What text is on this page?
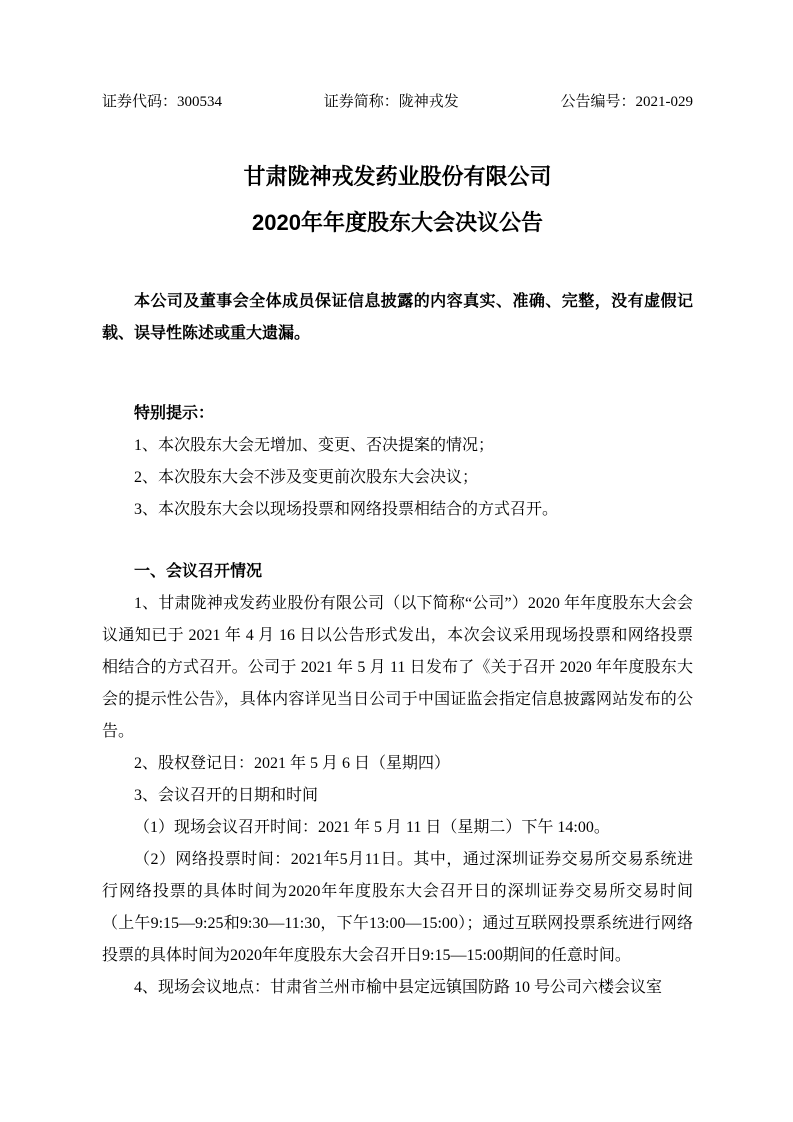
证券代码：300534	证券简称：陇神戎发	公告编号：2021-029
甘肃陇神戎发药业股份有限公司
2020年年度股东大会决议公告

本公司及董事会全体成员保证信息披露的内容真实、准确、完整，没有虚假记载、误导性陈述或重大遗漏。

特别提示：

1、本次股东大会无增加、变更、否决提案的情况；

2、本次股东大会不涉及变更前次股东大会决议；

3、本次股东大会以现场投票和网络投票相结合的方式召开。

一、会议召开情况

1、甘肃陇神戎发药业股份有限公司（以下简称“公司”）2020 年年度股东大会会议通知已于 2021 年 4 月 16 日以公告形式发出，本次会议采用现场投票和网络投票相结合的方式召开。公司于 2021 年 5 月 11 日发布了《关于召开 2020 年年度股东大会的提示性公告》，具体内容详见当日公司于中国证监会指定信息披露网站发布的公告。

2、股权登记日：2021 年 5 月 6 日（星期四）

3、会议召开的日期和时间

（1）现场会议召开时间：2021 年 5 月 11 日（星期二）下午 14:00。

（2）网络投票时间：2021年5月11日。其中，通过深圳证券交易所交易系统进行网络投票的具体时间为2020年年度股东大会召开日的深圳证券交易所交易时间（上午9:15—9:25和9:30—11:30，下午13:00—15:00）；通过互联网投票系统进行网络投票的具体时间为2020年年度股东大会召开日9:15—15:00期间的任意时间。

4、现场会议地点：甘肃省兰州市榆中县定远镇国防路 10 号公司六楼会议室
